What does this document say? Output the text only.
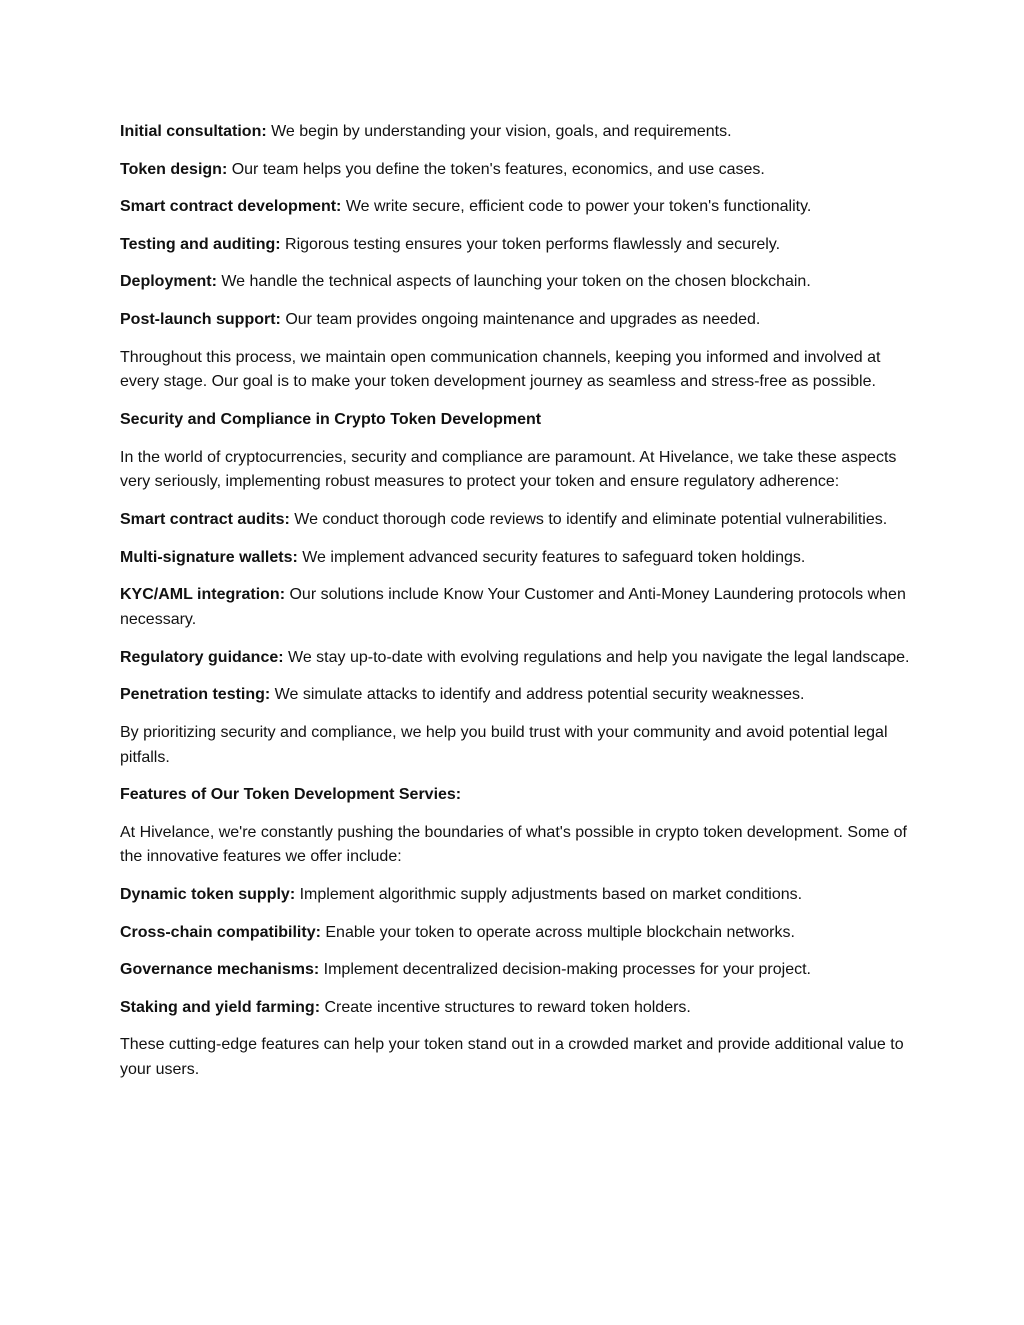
Initial consultation: We begin by understanding your vision, goals, and requirements.

Token design: Our team helps you define the token's features, economics, and use cases.

Smart contract development: We write secure, efficient code to power your token's functionality.

Testing and auditing: Rigorous testing ensures your token performs flawlessly and securely.

Deployment: We handle the technical aspects of launching your token on the chosen blockchain.

Post-launch support: Our team provides ongoing maintenance and upgrades as needed.

Throughout this process, we maintain open communication channels, keeping you informed and involved at every stage. Our goal is to make your token development journey as seamless and stress-free as possible.

Security and Compliance in Crypto Token Development

In the world of cryptocurrencies, security and compliance are paramount. At Hivelance, we take these aspects very seriously, implementing robust measures to protect your token and ensure regulatory adherence:

Smart contract audits: We conduct thorough code reviews to identify and eliminate potential vulnerabilities.

Multi-signature wallets: We implement advanced security features to safeguard token holdings.

KYC/AML integration: Our solutions include Know Your Customer and Anti-Money Laundering protocols when necessary.

Regulatory guidance: We stay up-to-date with evolving regulations and help you navigate the legal landscape.

Penetration testing: We simulate attacks to identify and address potential security weaknesses.

By prioritizing security and compliance, we help you build trust with your community and avoid potential legal pitfalls.

Features of Our Token Development Servies:

At Hivelance, we're constantly pushing the boundaries of what's possible in crypto token development. Some of the innovative features we offer include:

Dynamic token supply: Implement algorithmic supply adjustments based on market conditions.

Cross-chain compatibility: Enable your token to operate across multiple blockchain networks.

Governance mechanisms: Implement decentralized decision-making processes for your project.

Staking and yield farming: Create incentive structures to reward token holders.

These cutting-edge features can help your token stand out in a crowded market and provide additional value to your users.
